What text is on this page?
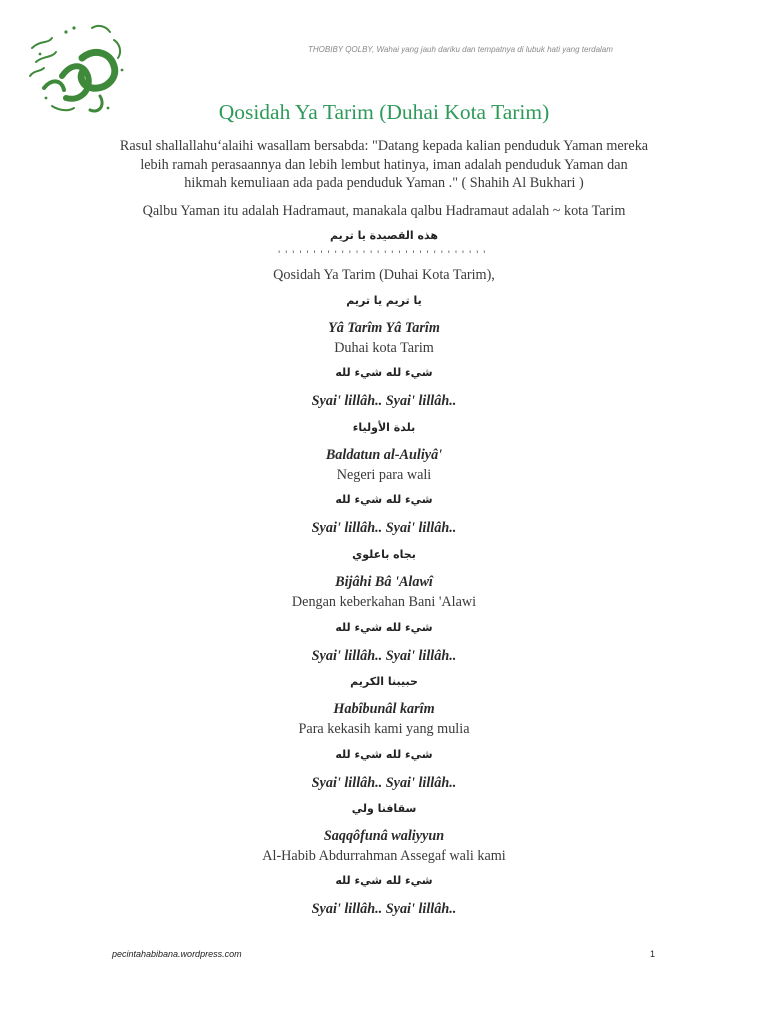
THOBIBY QOLBY, Wahai yang jauh dariku dan tempatnya di lubuk hati yang terdalam
Qosidah Ya Tarim (Duhai Kota Tarim)
Rasul shallallahu‘alaihi wasallam bersabda: "Datang kepada kalian penduduk Yaman mereka lebih ramah perasaannya dan lebih lembut hatinya, iman adalah penduduk Yaman dan hikmah kemuliaan ada pada penduduk Yaman ." ( Shahih Al Bukhari )
Qalbu Yaman itu adalah Hadramaut, manakala qalbu Hadramaut adalah ~ kota Tarim
هذه القصيدة يا تريم
''''''''''''''''''''''''''''''
Qosidah Ya Tarim (Duhai Kota Tarim),
يا تريم يا تريم
Yâ Tarîm Yâ Tarîm
Duhai kota Tarim
شيء لله شيء لله
Syai' lillâh.. Syai' lillâh..
بلدة الأولياء
Baldatun al-Auliyâ'
Negeri para wali
شيء لله شيء لله
Syai' lillâh.. Syai' lillâh..
بجاه باعلوي
Bijâhi Bâ 'Alawî
Dengan keberkahan Bani 'Alawi
شيء لله شيء لله
Syai' lillâh.. Syai' lillâh..
حبيبنا الكريم
Habîbunâl karîm
Para kekasih kami yang mulia
شيء لله شيء لله
Syai' lillâh.. Syai' lillâh..
سقافنا ولي
Saqqôfunâ waliyyun
Al-Habib Abdurrahman Assegaf wali kami
شيء لله شيء لله
Syai' lillâh.. Syai' lillâh..
pecintahabibana.wordpress.com	1
